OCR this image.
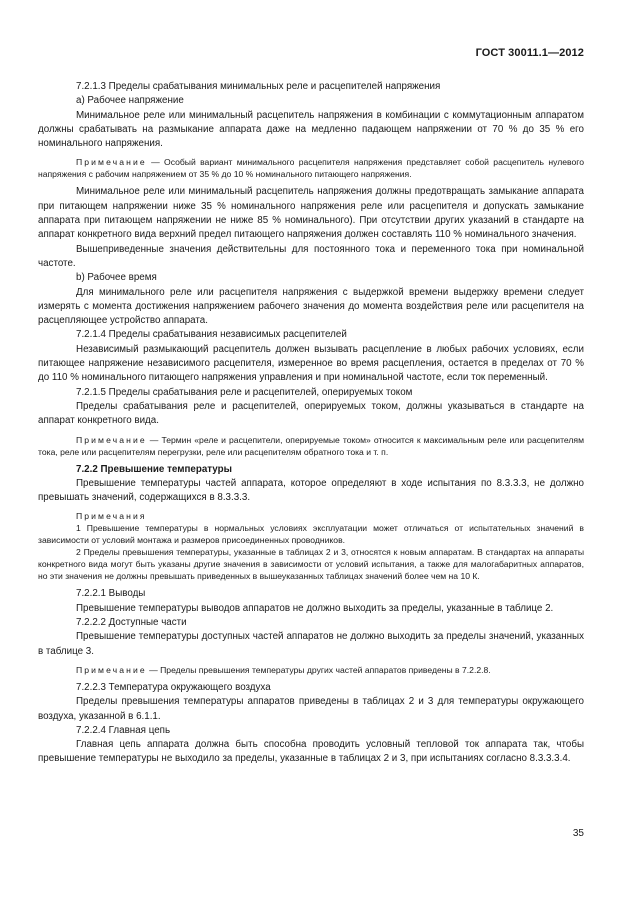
ГОСТ 30011.1—2012

7.2.1.3 Пределы срабатывания минимальных реле и расцепителей напряжения

a) Рабочее напряжение

Минимальное реле или минимальный расцепитель напряжения в комбинации с коммутационным аппаратом должны срабатывать на размыкание аппарата даже на медленно падающем напряжении от 70 % до 35 % его номинального напряжения.

Примечание — Особый вариант минимального расцепителя напряжения представляет собой расцепитель нулевого напряжения с рабочим напряжением от 35 % до 10 % номинального питающего напряжения.

Минимальное реле или минимальный расцепитель напряжения должны предотвращать замыкание аппарата при питающем напряжении ниже 35 % номинального напряжения реле или расцепителя и допускать замыкание аппарата при питающем напряжении не ниже 85 % номинального). При отсутствии других указаний в стандарте на аппарат конкретного вида верхний предел питающего напряжения должен составлять 110 % номинального значения.

Вышеприведенные значения действительны для постоянного тока и переменного тока при номинальной частоте.

b) Рабочее время

Для минимального реле или расцепителя напряжения с выдержкой времени выдержку времени следует измерять с момента достижения напряжением рабочего значения до момента воздействия реле или расцепителя на расцепляющее устройство аппарата.

7.2.1.4 Пределы срабатывания независимых расцепителей

Независимый размыкающий расцепитель должен вызывать расцепление в любых рабочих условиях, если питающее напряжение независимого расцепителя, измеренное во время расцепления, остается в пределах от 70 % до 110 % номинального питающего напряжения управления и при номинальной частоте, если ток переменный.

7.2.1.5 Пределы срабатывания реле и расцепителей, оперируемых током

Пределы срабатывания реле и расцепителей, оперируемых током, должны указываться в стандарте на аппарат конкретного вида.

Примечание — Термин «реле и расцепители, оперируемые током» относится к максимальным реле или расцепителям тока, реле или расцепителям перегрузки, реле или расцепителям обратного тока и т. п.

7.2.2 Превышение температуры

Превышение температуры частей аппарата, которое определяют в ходе испытания по 8.3.3.3, не должно превышать значений, содержащихся в 8.3.3.3.

Примечания

1 Превышение температуры в нормальных условиях эксплуатации может отличаться от испытательных значений в зависимости от условий монтажа и размеров присоединенных проводников.

2 Пределы превышения температуры, указанные в таблицах 2 и 3, относятся к новым аппаратам. В стандартах на аппараты конкретного вида могут быть указаны другие значения в зависимости от условий испытания, а также для малогабаритных аппаратов, но эти значения не должны превышать приведенных в вышеуказанных таблицах значений более чем на 10 К.

7.2.2.1 Выводы

Превышение температуры выводов аппаратов не должно выходить за пределы, указанные в таблице 2.

7.2.2.2 Доступные части

Превышение температуры доступных частей аппаратов не должно выходить за пределы значений, указанных в таблице 3.

Примечание — Пределы превышения температуры других частей аппаратов приведены в 7.2.2.8.

7.2.2.3 Температура окружающего воздуха

Пределы превышения температуры аппаратов приведены в таблицах 2 и 3 для температуры окружающего воздуха, указанной в 6.1.1.

7.2.2.4 Главная цепь

Главная цепь аппарата должна быть способна проводить условный тепловой ток аппарата так, чтобы превышение температуры не выходило за пределы, указанные в таблицах 2 и 3, при испытаниях согласно 8.3.3.3.4.

35
